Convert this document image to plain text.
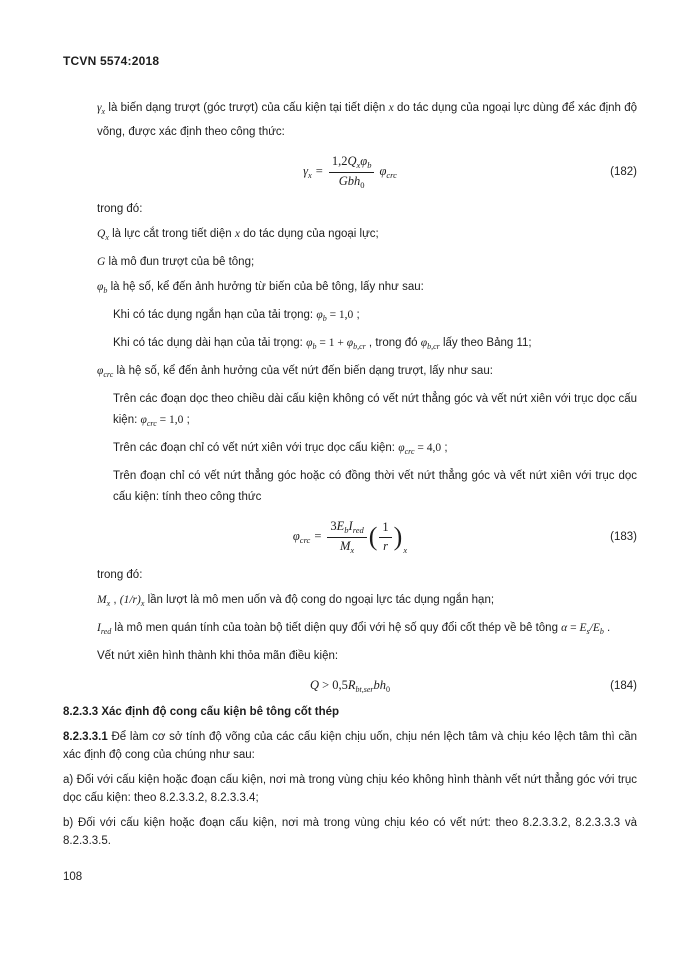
TCVN 5574:2018

$\gamma_x$ là biến dạng trượt (góc trượt) của cấu kiện tại tiết diện x do tác dụng của ngoại lực dùng để xác định độ võng, được xác định theo công thức:

$\gamma_x = \frac{1,2Q_x\varphi_b}{Gbh_0} \varphi_{crc}$	(182)

trong đó:

$Q_x$ là lực cắt trong tiết diện x do tác dụng của ngoại lực;

G là mô đun trượt của bê tông;

$\varphi_b$ là hệ số, kể đến ảnh hưởng từ biến của bê tông, lấy như sau:

Khi có tác dụng ngắn hạn của tải trọng: $\varphi_b = 1,0$ ;

Khi có tác dụng dài hạn của tải trọng: $\varphi_b = 1 + \varphi_{b,cr}$ , trong đó $\varphi_{b,cr}$ lấy theo Bảng 11;

$\varphi_{crc}$ là hệ số, kể đến ảnh hưởng của vết nứt đến biến dạng trượt, lấy như sau:

Trên các đoạn dọc theo chiều dài cấu kiện không có vết nứt thẳng góc và vết nứt xiên với trục dọc cấu kiện: $\varphi_{crc} = 1,0$ ;

Trên các đoạn chỉ có vết nứt xiên với trục dọc cấu kiện: $\varphi_{crc} = 4,0$ ;

Trên đoạn chỉ có vết nứt thẳng góc hoặc có đồng thời vết nứt thẳng góc và vết nứt xiên với trục dọc cấu kiện: tính theo công thức

$\varphi_{crc} = \frac{3E_bI_{red}}{M_x}$ ( $\frac{1}{r} )_x$
(183)

trong đó:

$M_x$ , $(1/r)_x$ lần lượt là mô men uốn và độ cong do ngoại lực tác dụng ngắn hạn;

$I_{red}$ là mô men quán tính của toàn bộ tiết diện quy đổi với hệ số quy đổi cốt thép về bê tông $\alpha = E_s/E_b$ .

Vết nứt xiên hình thành khi thỏa mãn điều kiện:

$Q > 0,5R_{bt,ser}bh_0$	(184)
8.2.3.3 Xác định độ cong cấu kiện bê tông cốt thép

8.2.3.3.1 Để làm cơ sở tính độ võng của các cấu kiện chịu uốn, chịu nén lệch tâm và chịu kéo lệch tâm thì cần xác định độ cong của chúng như sau:

a) Đối với cấu kiện hoặc đoạn cấu kiện, nơi mà trong vùng chịu kéo không hình thành vết nứt thẳng góc với trục dọc cấu kiện: theo 8.2.3.3.2, 8.2.3.3.4;

b) Đối với cấu kiện hoặc đoạn cấu kiện, nơi mà trong vùng chịu kéo có vết nứt: theo 8.2.3.3.2, 8.2.3.3.3 và 8.2.3.3.5.

108
